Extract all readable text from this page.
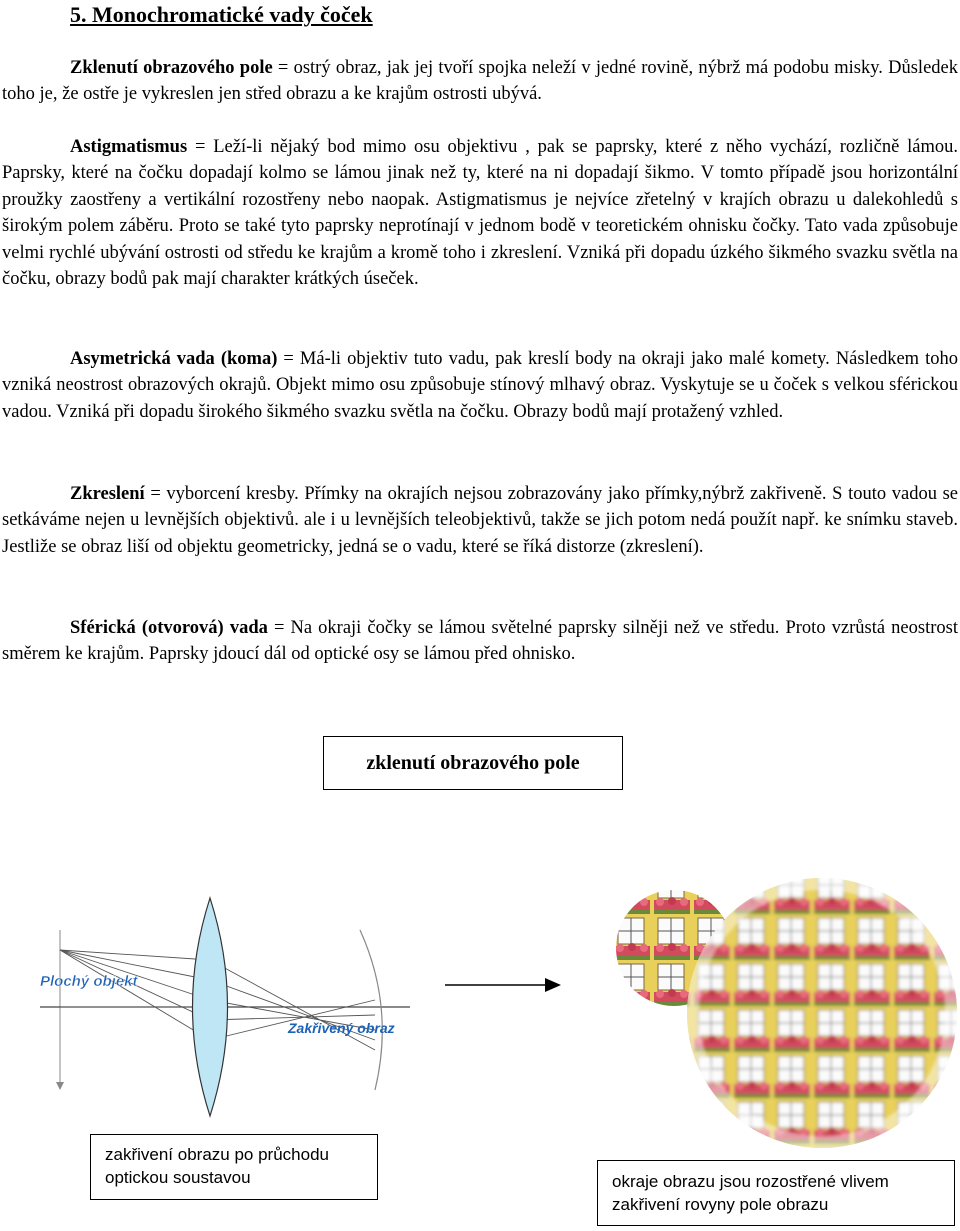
5. Monochromatické vady čoček

Zklenutí obrazového pole = ostrý obraz, jak jej tvoří spojka neleží v jedné rovině, nýbrž má podobu misky. Důsledek toho je, že ostře je vykreslen jen střed obrazu a ke krajům ostrosti ubývá.

Astigmatismus = Leží-li nějaký bod mimo osu objektivu , pak se paprsky, které z něho vychází, rozličně lámou. Paprsky, které na čočku dopadají kolmo se lámou jinak než ty, které na ni dopadají šikmo. V tomto případě jsou horizontální proužky zaostřeny a vertikální rozostřeny nebo naopak. Astigmatismus je nejvíce zřetelný v krajích obrazu u dalekohledů s širokým polem záběru. Proto se také tyto paprsky neprotínají v jednom bodě v teoretickém ohnisku čočky. Tato vada způsobuje velmi rychlé ubývání ostrosti od středu ke krajům a kromě toho i zkreslení. Vzniká při dopadu úzkého šikmého svazku světla na čočku, obrazy bodů pak mají charakter krátkých úseček.

Asymetrická vada (koma) = Má-li objektiv tuto vadu, pak kreslí body na okraji jako malé komety. Následkem toho vzniká neostrost obrazových okrajů. Objekt mimo osu způsobuje stínový mlhavý obraz. Vyskytuje se u čoček s velkou sférickou vadou. Vzniká při dopadu širokého šikmého svazku světla na čočku. Obrazy bodů mají protažený vzhled.

Zkreslení = vyborcení kresby. Přímky na okrajích nejsou zobrazovány jako přímky,nýbrž zakřiveně. S touto vadou se setkáváme nejen u levnějších objektivů. ale i u levnějších teleobjektivů, takže se jich potom nedá použít např. ke snímku staveb. Jestliže se obraz liší od objektu geometricky, jedná se o vadu, které se říká distorze (zkreslení).

Sférická (otvorová) vada = Na okraji čočky se lámou světelné paprsky silněji než ve středu. Proto vzrůstá neostrost směrem ke krajům. Paprsky jdoucí dál od optické osy se lámou před ohnisko.

zklenutí obrazového pole
Plochý objekt
Zakřivený obraz
zakřivení obrazu po průchodu optickou soustavou	okraje obrazu jsou rozostřené vlivem zakřivení rovyny pole obrazu
